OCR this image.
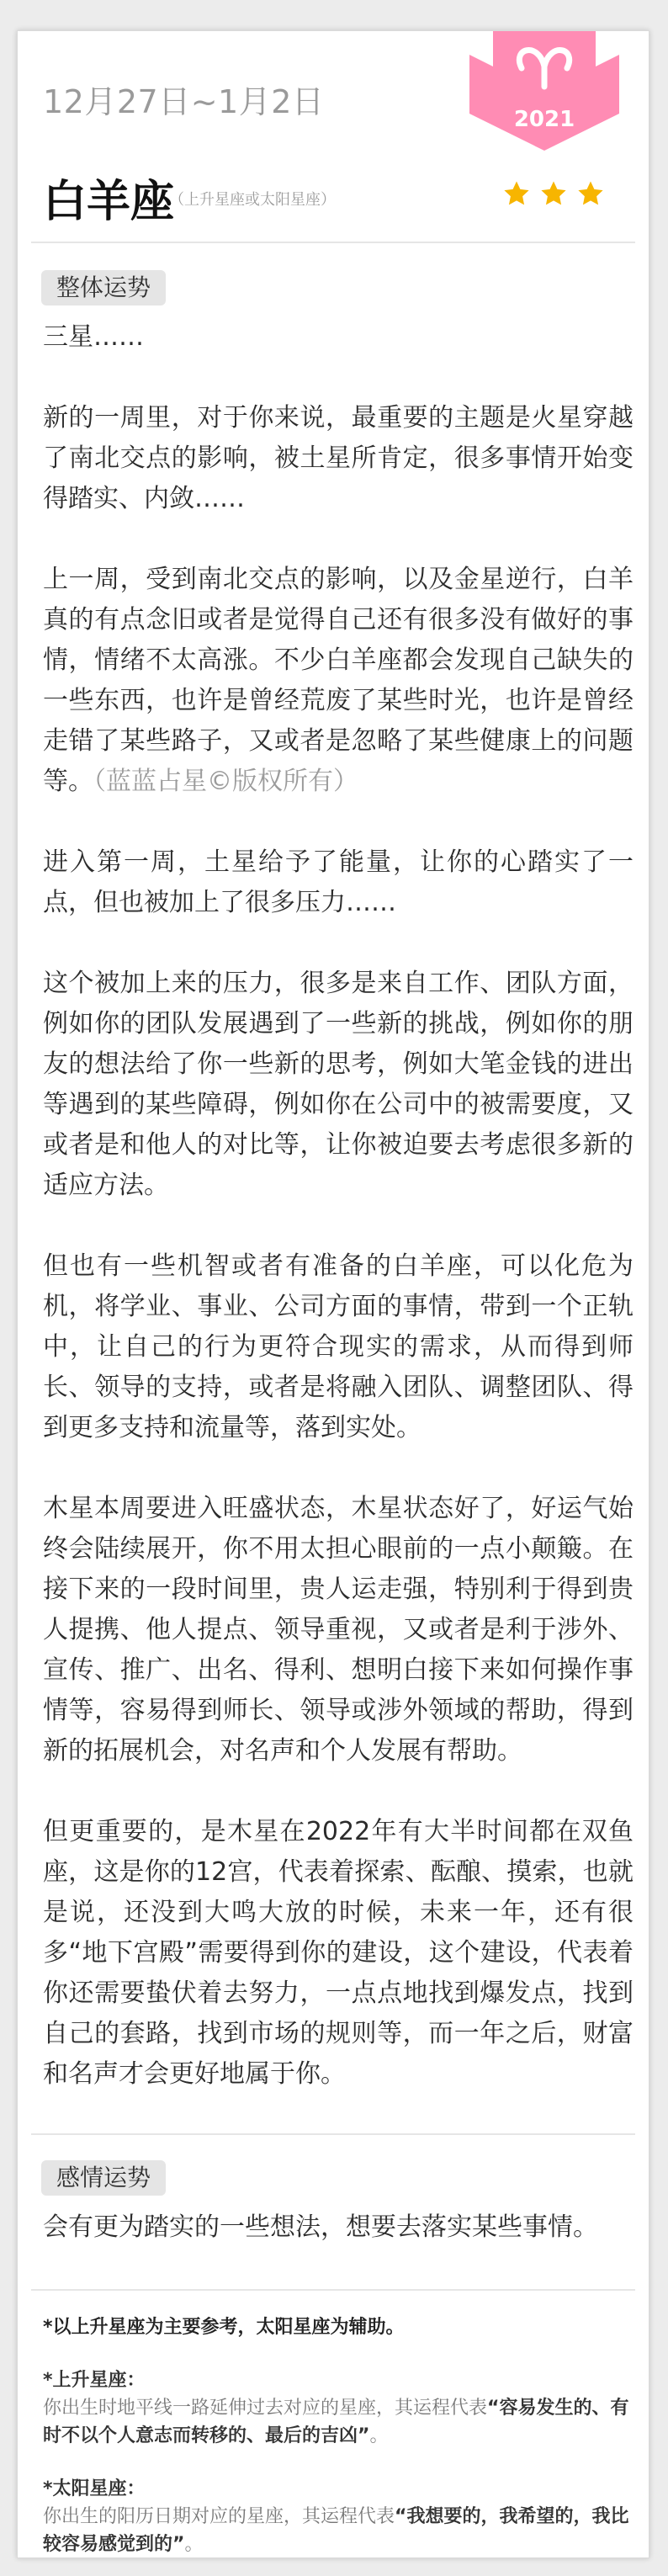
2021
12月27日~1月2日
白羊座
（上升星座或太阳星座）
整体运势

三星……

新的一周里，对于你来说，最重要的主题是火星穿越了南北交点的影响，被土星所肯定，很多事情开始变得踏实、内敛……

上一周，受到南北交点的影响，以及金星逆行，白羊真的有点念旧或者是觉得自己还有很多没有做好的事情，情绪不太高涨。不少白羊座都会发现自己缺失的一些东西，也许是曾经荒废了某些时光，也许是曾经走错了某些路子，又或者是忽略了某些健康上的问题等。（蓝蓝占星©版权所有）

进入第一周，土星给予了能量，让你的心踏实了一点，但也被加上了很多压力……

这个被加上来的压力，很多是来自工作、团队方面，例如你的团队发展遇到了一些新的挑战，例如你的朋友的想法给了你一些新的思考，例如大笔金钱的进出等遇到的某些障碍，例如你在公司中的被需要度，又或者是和他人的对比等，让你被迫要去考虑很多新的适应方法。

但也有一些机智或者有准备的白羊座，可以化危为机，将学业、事业、公司方面的事情，带到一个正轨中，让自己的行为更符合现实的需求，从而得到师长、领导的支持，或者是将融入团队、调整团队、得到更多支持和流量等，落到实处。

木星本周要进入旺盛状态，木星状态好了，好运气始终会陆续展开，你不用太担心眼前的一点小颠簸。在接下来的一段时间里，贵人运走强，特别利于得到贵人提携、他人提点、领导重视，又或者是利于涉外、宣传、推广、出名、得利、想明白接下来如何操作事情等，容易得到师长、领导或涉外领域的帮助，得到新的拓展机会，对名声和个人发展有帮助。

但更重要的，是木星在2022年有大半时间都在双鱼座，这是你的12宫，代表着探索、酝酿、摸索，也就是说，还没到大鸣大放的时候，未来一年，还有很多“地下宫殿”需要得到你的建设，这个建设，代表着你还需要蛰伏着去努力，一点点地找到爆发点，找到自己的套路，找到市场的规则等，而一年之后，财富和名声才会更好地属于你。

感情运势

会有更为踏实的一些想法，想要去落实某些事情。

*以上升星座为主要参考，太阳星座为辅助。
*上升星座：
你出生时地平线一路延伸过去对应的星座，其运程代表“容易发生的、有时不以个人意志而转移的、最后的吉凶”。
*太阳星座：
你出生的阳历日期对应的星座，其运程代表“我想要的，我希望的，我比较容易感觉到的”。
